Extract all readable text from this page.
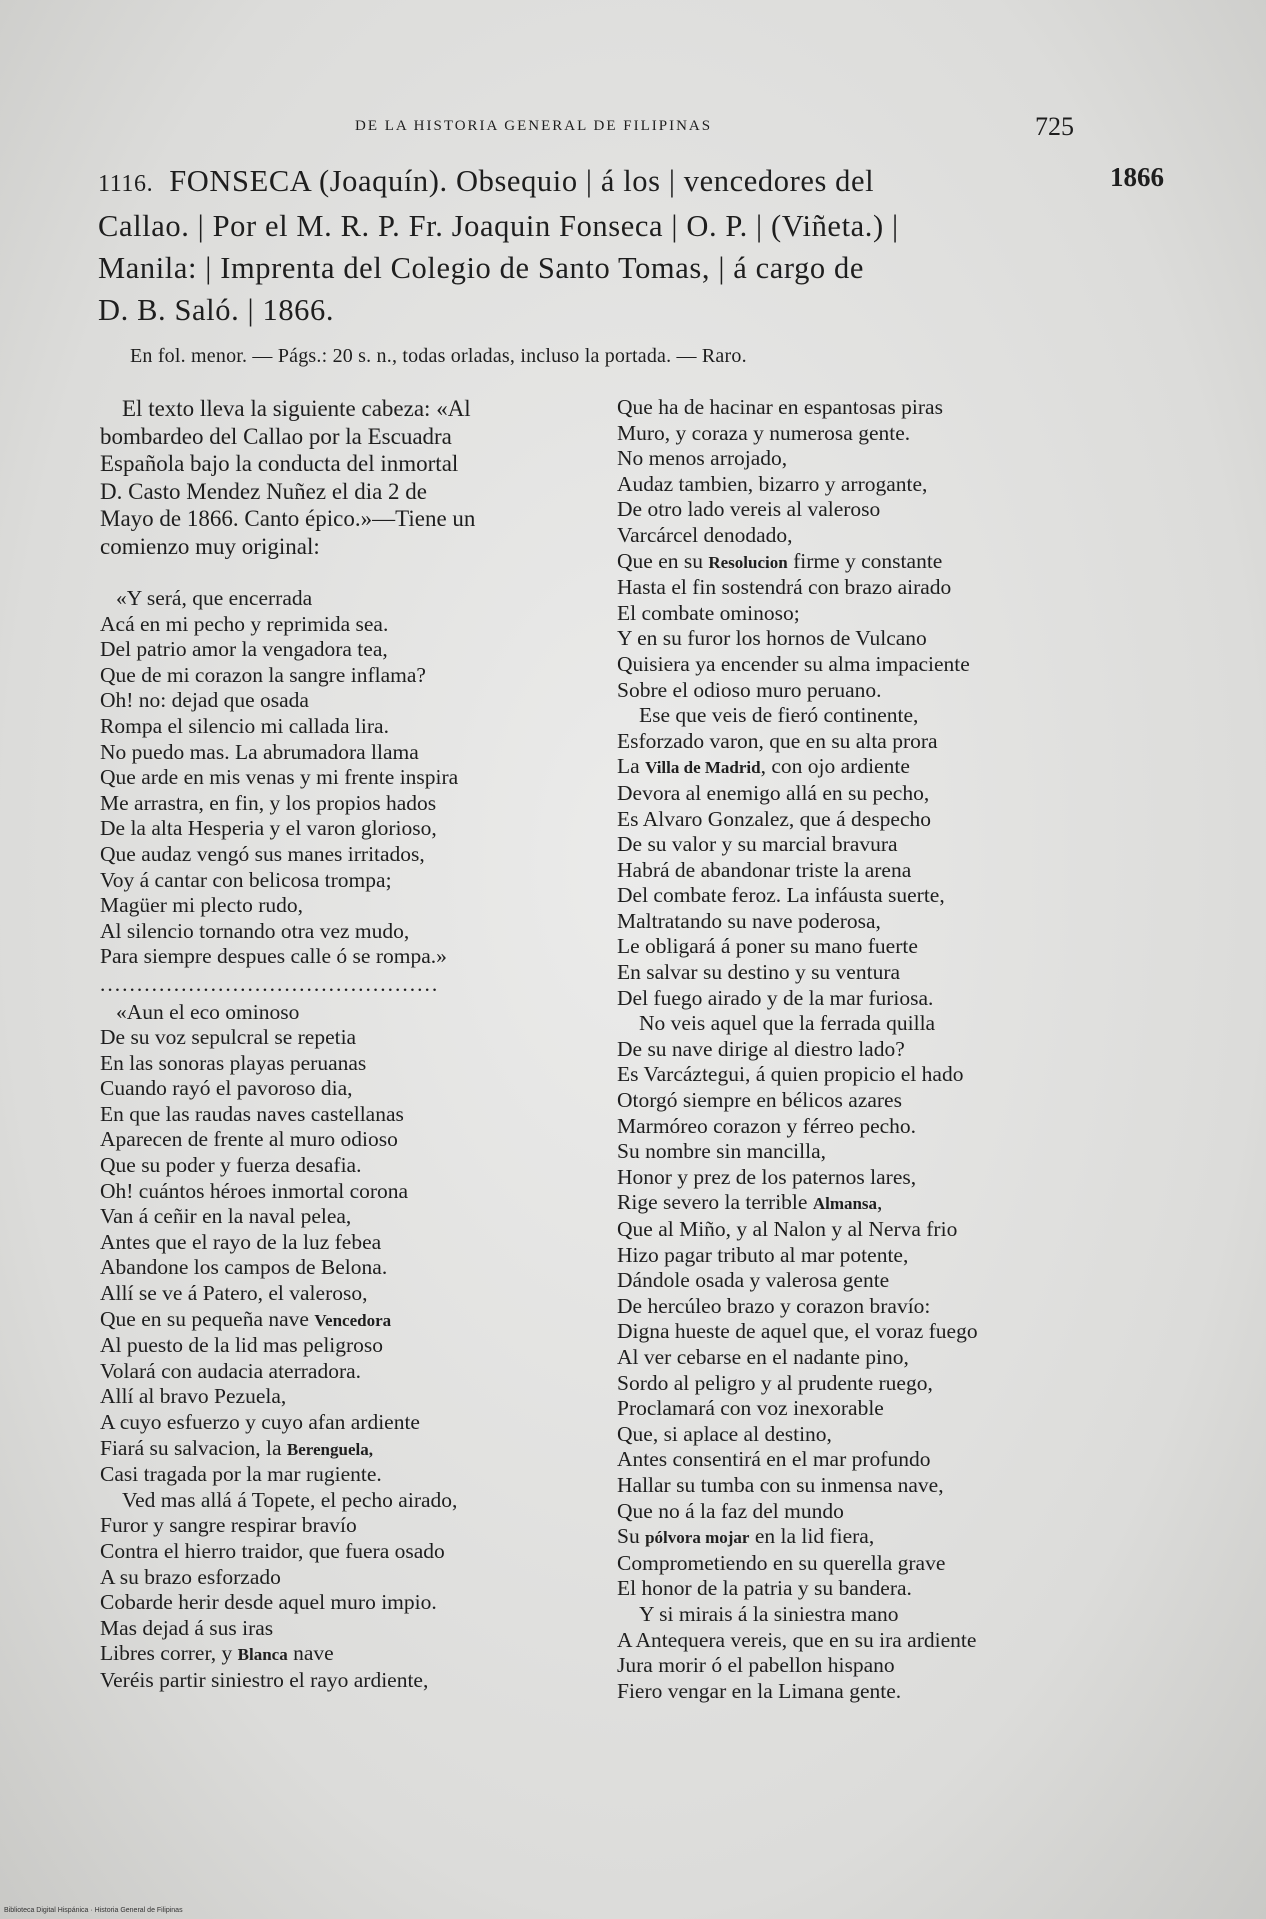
DE LA HISTORIA GENERAL DE FILIPINAS	725
1116. FONSECA (Joaquín). Obsequio | á los | vencedores del
Callao. | Por el M. R. P. Fr. Joaquin Fonseca | O. P. | (Viñeta.) |
Manila: | Imprenta del Colegio de Santo Tomas, | á cargo de
D. B. Saló. | 1866.
1866
En fol. menor. — Págs.: 20 s. n., todas orladas, incluso la portada. — Raro.
El texto lleva la siguiente cabeza: «Al
bombardeo del Callao por la Escuadra
Española bajo la conducta del inmortal
D. Casto Mendez Nuñez el dia 2 de
Mayo de 1866. Canto épico.»—Tiene un
comienzo muy original:
«Y será, que encerrada
Acá en mi pecho y reprimida sea.
Del patrio amor la vengadora tea,
Que de mi corazon la sangre inflama?
Oh! no: dejad que osada
Rompa el silencio mi callada lira.
No puedo mas. La abrumadora llama
Que arde en mis venas y mi frente inspira
Me arrastra, en fin, y los propios hados
De la alta Hesperia y el varon glorioso,
Que audaz vengó sus manes irritados,
Voy á cantar con belicosa trompa;
Magüer mi plecto rudo,
Al silencio tornando otra vez mudo,
Para siempre despues calle ó se rompa.»
..............................................
«Aun el eco ominoso
De su voz sepulcral se repetia
En las sonoras playas peruanas
Cuando rayó el pavoroso dia,
En que las raudas naves castellanas
Aparecen de frente al muro odioso
Que su poder y fuerza desafia.
Oh! cuántos héroes inmortal corona
Van á ceñir en la naval pelea,
Antes que el rayo de la luz febea
Abandone los campos de Belona.
Allí se ve á Patero, el valeroso,
Que en su pequeña nave Vencedora
Al puesto de la lid mas peligroso
Volará con audacia aterradora.
Allí al bravo Pezuela,
A cuyo esfuerzo y cuyo afan ardiente
Fiará su salvacion, la Berenguela,
Casi tragada por la mar rugiente.
Ved mas allá á Topete, el pecho airado,
Furor y sangre respirar bravío
Contra el hierro traidor, que fuera osado
A su brazo esforzado
Cobarde herir desde aquel muro impio.
Mas dejad á sus iras
Libres correr, y Blanca nave
Veréis partir siniestro el rayo ardiente,
Que ha de hacinar en espantosas piras
Muro, y coraza y numerosa gente.
No menos arrojado,
Audaz tambien, bizarro y arrogante,
De otro lado vereis al valeroso
Varcárcel denodado,
Que en su Resolucion firme y constante
Hasta el fin sostendrá con brazo airado
El combate ominoso;
Y en su furor los hornos de Vulcano
Quisiera ya encender su alma impaciente
Sobre el odioso muro peruano.
Ese que veis de fieró continente,
Esforzado varon, que en su alta prora
La Villa de Madrid, con ojo ardiente
Devora al enemigo allá en su pecho,
Es Alvaro Gonzalez, que á despecho
De su valor y su marcial bravura
Habrá de abandonar triste la arena
Del combate feroz. La infáusta suerte,
Maltratando su nave poderosa,
Le obligará á poner su mano fuerte
En salvar su destino y su ventura
Del fuego airado y de la mar furiosa.
No veis aquel que la ferrada quilla
De su nave dirige al diestro lado?
Es Varcáztegui, á quien propicio el hado
Otorgó siempre en bélicos azares
Marmóreo corazon y férreo pecho.
Su nombre sin mancilla,
Honor y prez de los paternos lares,
Rige severo la terrible Almansa,
Que al Miño, y al Nalon y al Nerva frio
Hizo pagar tributo al mar potente,
Dándole osada y valerosa gente
De hercúleo brazo y corazon bravío:
Digna hueste de aquel que, el voraz fuego
Al ver cebarse en el nadante pino,
Sordo al peligro y al prudente ruego,
Proclamará con voz inexorable
Que, si aplace al destino,
Antes consentirá en el mar profundo
Hallar su tumba con su inmensa nave,
Que no á la faz del mundo
Su pólvora mojar en la lid fiera,
Comprometiendo en su querella grave
El honor de la patria y su bandera.
Y si mirais á la siniestra mano
A Antequera vereis, que en su ira ardiente
Jura morir ó el pabellon hispano
Fiero vengar en la Limana gente.
Biblioteca Digital Hispánica · Historia General de Filipinas
